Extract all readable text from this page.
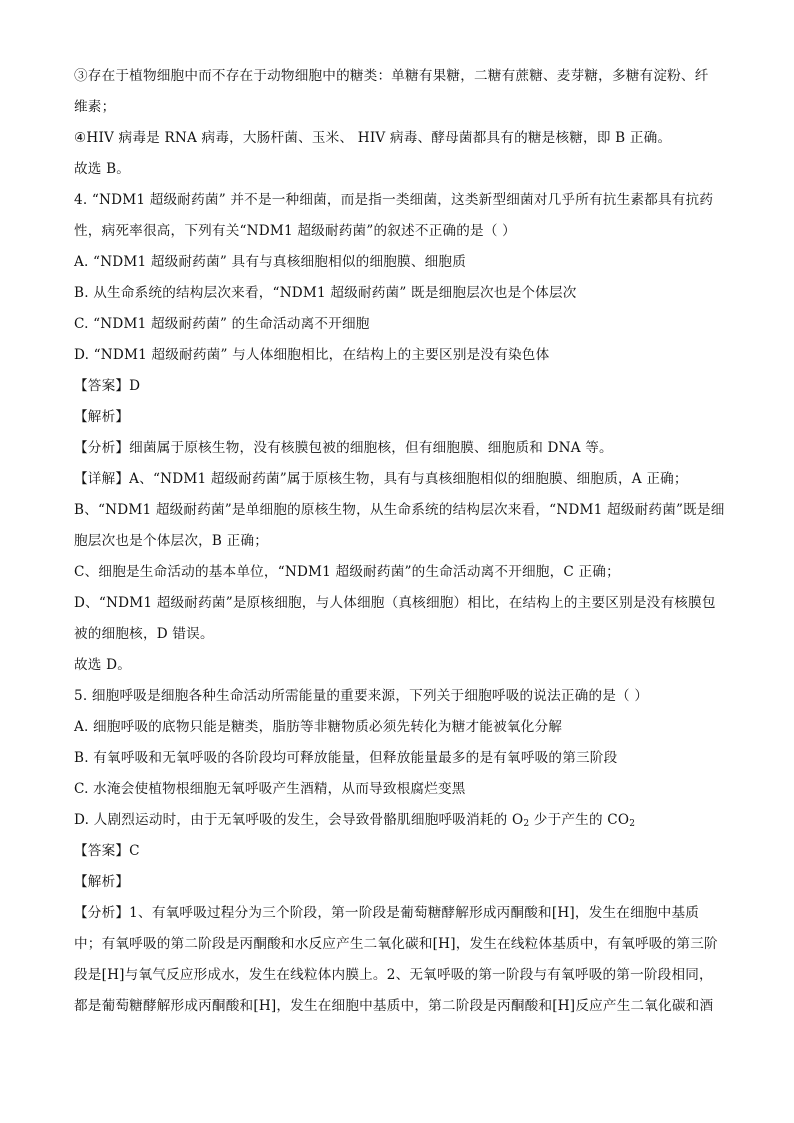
③存在于植物细胞中而不存在于动物细胞中的糖类：单糖有果糖，二糖有蔗糖、麦芽糖，多糖有淀粉、纤
维素；
④HIV 病毒是 RNA 病毒，大肠杆菌、玉米、 HIV 病毒、酵母菌都具有的糖是核糖，即 B 正确。
故选 B。
4. “NDM1 超级耐药菌” 并不是一种细菌，而是指一类细菌，这类新型细菌对几乎所有抗生素都具有抗药
性，病死率很高，下列有关“NDM1 超级耐药菌”的叙述不正确的是（ ）
A. “NDM1 超级耐药菌” 具有与真核细胞相似的细胞膜、细胞质
B. 从生命系统的结构层次来看，“NDM1 超级耐药菌” 既是细胞层次也是个体层次
C. “NDM1 超级耐药菌” 的生命活动离不开细胞
D. “NDM1 超级耐药菌” 与人体细胞相比，在结构上的主要区别是没有染色体
【答案】D
【解析】
【分析】细菌属于原核生物，没有核膜包被的细胞核，但有细胞膜、细胞质和 DNA 等。
【详解】A、“NDM1 超级耐药菌”属于原核生物，具有与真核细胞相似的细胞膜、细胞质，A 正确；
B、“NDM1 超级耐药菌”是单细胞的原核生物，从生命系统的结构层次来看，“NDM1 超级耐药菌”既是细
胞层次也是个体层次，B 正确；
C、细胞是生命活动的基本单位，“NDM1 超级耐药菌”的生命活动离不开细胞，C 正确；
D、“NDM1 超级耐药菌”是原核细胞，与人体细胞（真核细胞）相比，在结构上的主要区别是没有核膜包
被的细胞核，D 错误。
故选 D。
5. 细胞呼吸是细胞各种生命活动所需能量的重要来源，下列关于细胞呼吸的说法正确的是（ ）
A. 细胞呼吸的底物只能是糖类，脂肪等非糖物质必须先转化为糖才能被氧化分解
B. 有氧呼吸和无氧呼吸的各阶段均可释放能量，但释放能量最多的是有氧呼吸的第三阶段
C. 水淹会使植物根细胞无氧呼吸产生酒精，从而导致根腐烂变黑
D. 人剧烈运动时，由于无氧呼吸的发生，会导致骨骼肌细胞呼吸消耗的 $O_2$ 少于产生的 $CO_2$
【答案】C
【解析】
【分析】1、有氧呼吸过程分为三个阶段，第一阶段是葡萄糖酵解形成丙酮酸和[H]，发生在细胞中基质
中；有氧呼吸的第二阶段是丙酮酸和水反应产生二氧化碳和[H]，发生在线粒体基质中，有氧呼吸的第三阶
段是[H]与氧气反应形成水，发生在线粒体内膜上。2、无氧呼吸的第一阶段与有氧呼吸的第一阶段相同，
都是葡萄糖酵解形成丙酮酸和[H]，发生在细胞中基质中，第二阶段是丙酮酸和[H]反应产生二氧化碳和酒
